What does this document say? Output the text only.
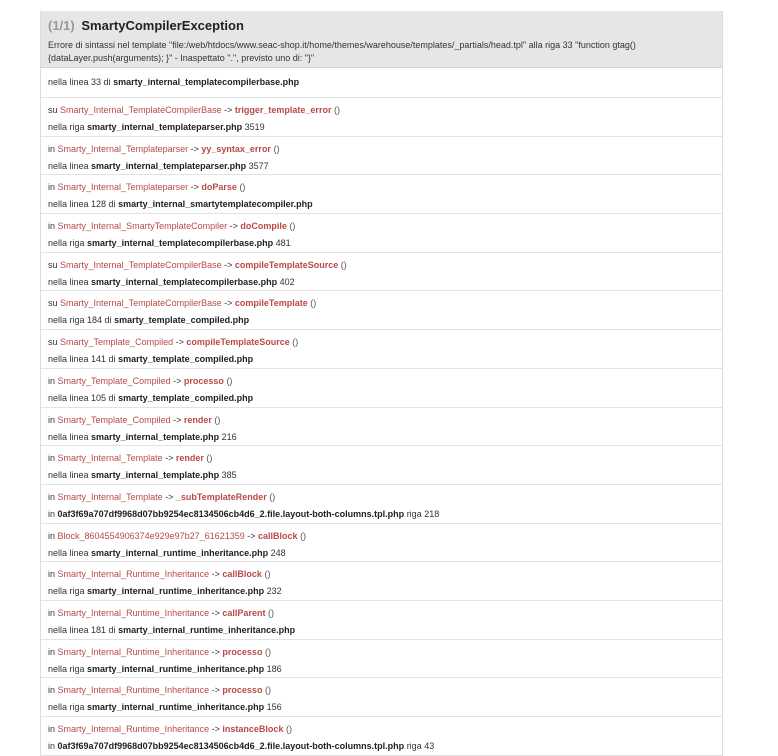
(1/1) SmartyCompilerException
Errore di sintassi nel template "file:/web/htdocs/www.seac-shop.it/home/themes/warehouse/templates/_partials/head.tpl" alla riga 33 "function gtag()
{dataLayer.push(arguments); }" - Inaspettato ".", previsto uno di: "}"
nella linea 33 di smarty_internal_templatecompilerbase.php
su Smarty_Internal_TemplateCompilerBase -> trigger_template_error ()
nella riga smarty_internal_templateparser.php 3519
in Smarty_Internal_Templateparser -> yy_syntax_error ()
nella linea smarty_internal_templateparser.php 3577
in Smarty_Internal_Templateparser -> doParse ()
nella linea 128 di smarty_internal_smartytemplatecompiler.php
in Smarty_Internal_SmartyTemplateCompiler -> doCompile ()
nella riga smarty_internal_templatecompilerbase.php 481
su Smarty_Internal_TemplateCompilerBase -> compileTemplateSource ()
nella linea smarty_internal_templatecompilerbase.php 402
su Smarty_Internal_TemplateCompilerBase -> compileTemplate ()
nella riga 184 di smarty_template_compiled.php
su Smarty_Template_Compiled -> compileTemplateSource ()
nella linea 141 di smarty_template_compiled.php
in Smarty_Template_Compiled -> processo ()
nella linea 105 di smarty_template_compiled.php
in Smarty_Template_Compiled -> render ()
nella linea smarty_internal_template.php 216
in Smarty_Internal_Template -> render ()
nella linea smarty_internal_template.php 385
in Smarty_Internal_Template -> _subTemplateRender ()
in 0af3f69a707df9968d07bb9254ec8134506cb4d6_2.file.layout-both-columns.tpl.php riga 218
in Block_8604554906374e929e97b27_61621359 -> callBlock ()
nella linea smarty_internal_runtime_inheritance.php 248
in Smarty_Internal_Runtime_Inheritance -> callBlock ()
nella riga smarty_internal_runtime_inheritance.php 232
in Smarty_Internal_Runtime_Inheritance -> callParent ()
nella linea 181 di smarty_internal_runtime_inheritance.php
in Smarty_Internal_Runtime_Inheritance -> processo ()
nella riga smarty_internal_runtime_inheritance.php 186
in Smarty_Internal_Runtime_Inheritance -> processo ()
nella riga smarty_internal_runtime_inheritance.php 156
in Smarty_Internal_Runtime_Inheritance -> instanceBlock ()
in 0af3f69a707df9968d07bb9254ec8134506cb4d6_2.file.layout-both-columns.tpl.php riga 43
